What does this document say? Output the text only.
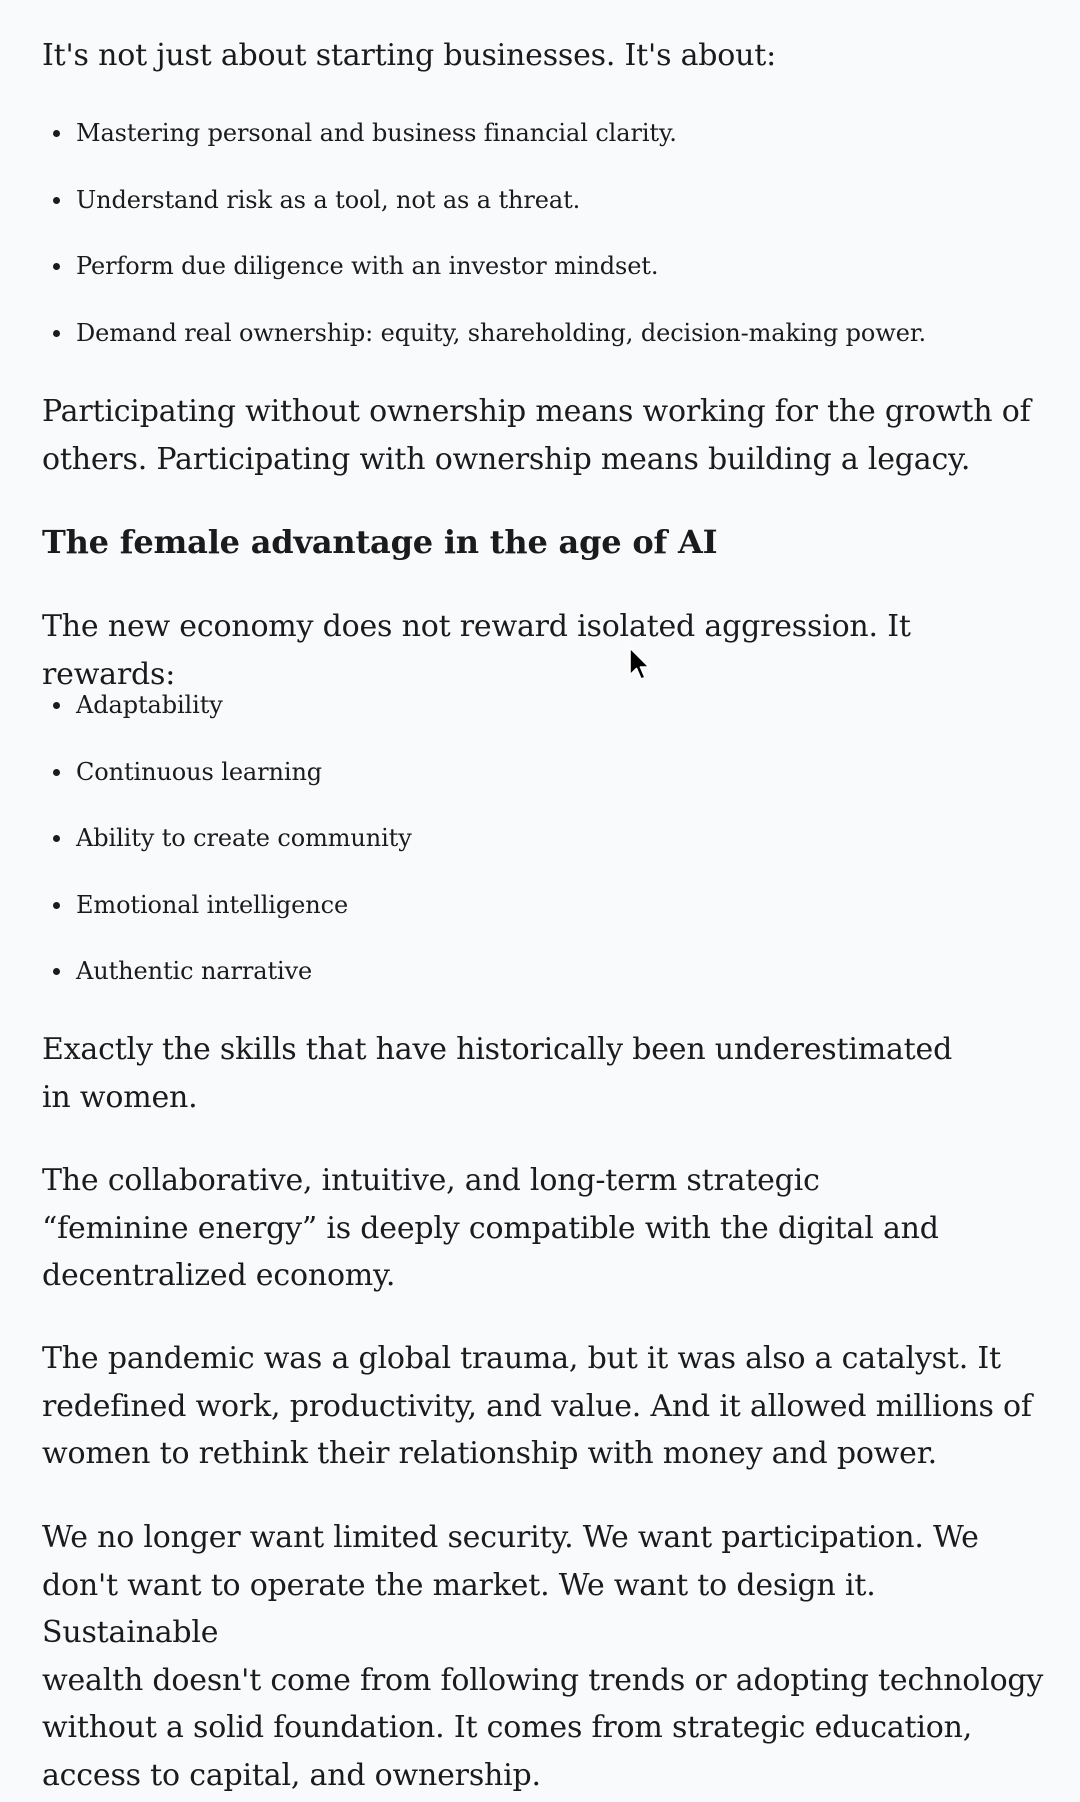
It's not just about starting businesses. It's about:

Mastering personal and business financial clarity.
Understand risk as a tool, not as a threat.
Perform due diligence with an investor mindset.
Demand real ownership: equity, shareholding, decision-making power.

Participating without ownership means working for the growth of
others. Participating with ownership means building a legacy.

The female advantage in the age of AI

The new economy does not reward isolated aggression. It rewards:

Adaptability
Continuous learning
Ability to create community
Emotional intelligence
Authentic narrative

Exactly the skills that have historically been underestimated
in women.

The collaborative, intuitive, and long-term strategic
“feminine energy” is deeply compatible with the digital and
decentralized economy.

The pandemic was a global trauma, but it was also a catalyst. It
redefined work, productivity, and value. And it allowed millions of
women to rethink their relationship with money and power.

We no longer want limited security. We want participation. We
don't want to operate the market. We want to design it. Sustainable
wealth doesn't come from following trends or adopting technology
without a solid foundation. It comes from strategic education,
access to capital, and ownership.
